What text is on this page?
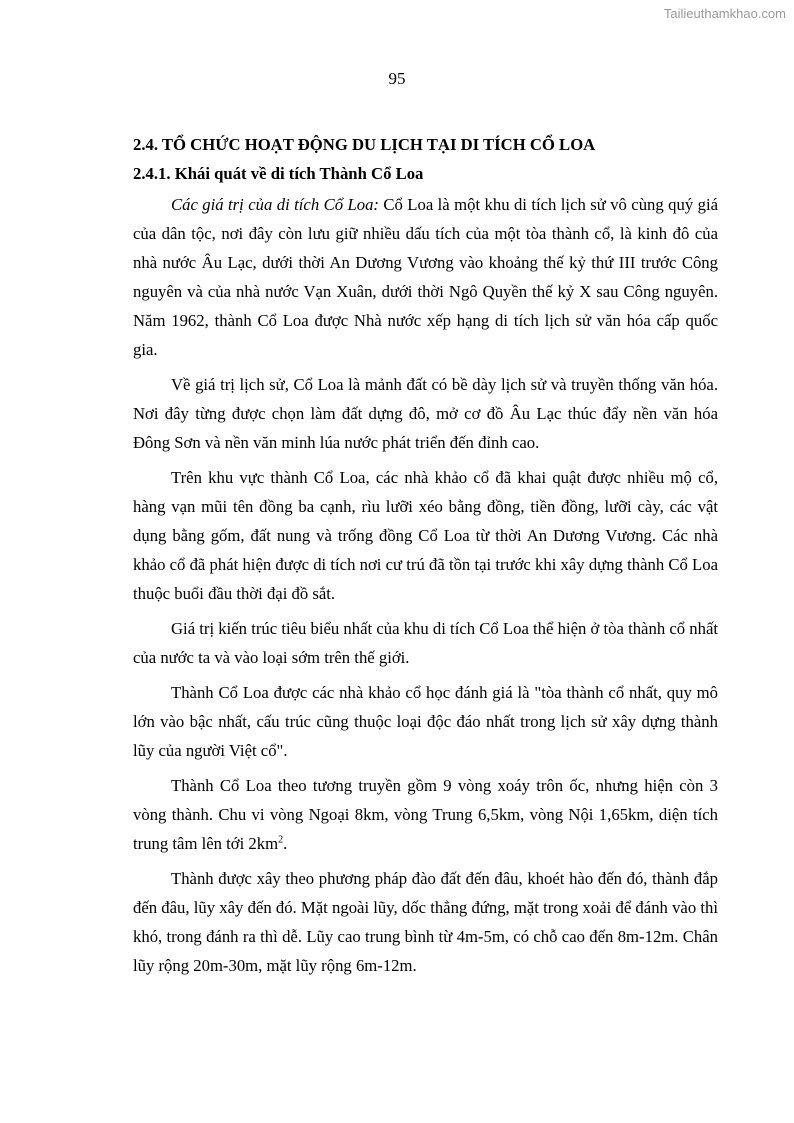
Tailieuthamkhao.com
95

2.4. TỔ CHỨC HOẠT ĐỘNG DU LỊCH TẠI DI TÍCH CỔ LOA

2.4.1. Khái quát về di tích Thành Cổ Loa

Các giá trị của di tích Cổ Loa: Cổ Loa là một khu di tích lịch sử vô cùng quý giá của dân tộc, nơi đây còn lưu giữ nhiều dấu tích của một tòa thành cổ, là kinh đô của nhà nước Âu Lạc, dưới thời An Dương Vương vào khoảng thế kỷ thứ III trước Công nguyên và của nhà nước Vạn Xuân, dưới thời Ngô Quyền thế kỷ X sau Công nguyên. Năm 1962, thành Cổ Loa được Nhà nước xếp hạng di tích lịch sử văn hóa cấp quốc gia.

Về giá trị lịch sử, Cổ Loa là mảnh đất có bề dày lịch sử và truyền thống văn hóa. Nơi đây từng được chọn làm đất dựng đô, mở cơ đồ Âu Lạc thúc đẩy nền văn hóa Đông Sơn và nền văn minh lúa nước phát triển đến đỉnh cao.

Trên khu vực thành Cổ Loa, các nhà khảo cổ đã khai quật được nhiều mộ cổ, hàng vạn mũi tên đồng ba cạnh, rìu lưỡi xéo bằng đồng, tiền đồng, lưỡi cày, các vật dụng bằng gốm, đất nung và trống đồng Cổ Loa từ thời An Dương Vương. Các nhà khảo cổ đã phát hiện được di tích nơi cư trú đã tồn tại trước khi xây dựng thành Cổ Loa thuộc buổi đầu thời đại đồ sắt.

Giá trị kiến trúc tiêu biểu nhất của khu di tích Cổ Loa thể hiện ở tòa thành cổ nhất của nước ta và vào loại sớm trên thế giới.

Thành Cổ Loa được các nhà khảo cổ học đánh giá là "tòa thành cổ nhất, quy mô lớn vào bậc nhất, cấu trúc cũng thuộc loại độc đáo nhất trong lịch sử xây dựng thành lũy của người Việt cổ".

Thành Cổ Loa theo tương truyền gồm 9 vòng xoáy trôn ốc, nhưng hiện còn 3 vòng thành. Chu vi vòng Ngoại 8km, vòng Trung 6,5km, vòng Nội 1,65km, diện tích trung tâm lên tới $2km^2$.

Thành được xây theo phương pháp đào đất đến đâu, khoét hào đến đó, thành đắp đến đâu, lũy xây đến đó. Mặt ngoài lũy, dốc thẳng đứng, mặt trong xoải để đánh vào thì khó, trong đánh ra thì dễ. Lũy cao trung bình từ 4m-5m, có chỗ cao đến 8m-12m. Chân lũy rộng 20m-30m, mặt lũy rộng 6m-12m.
